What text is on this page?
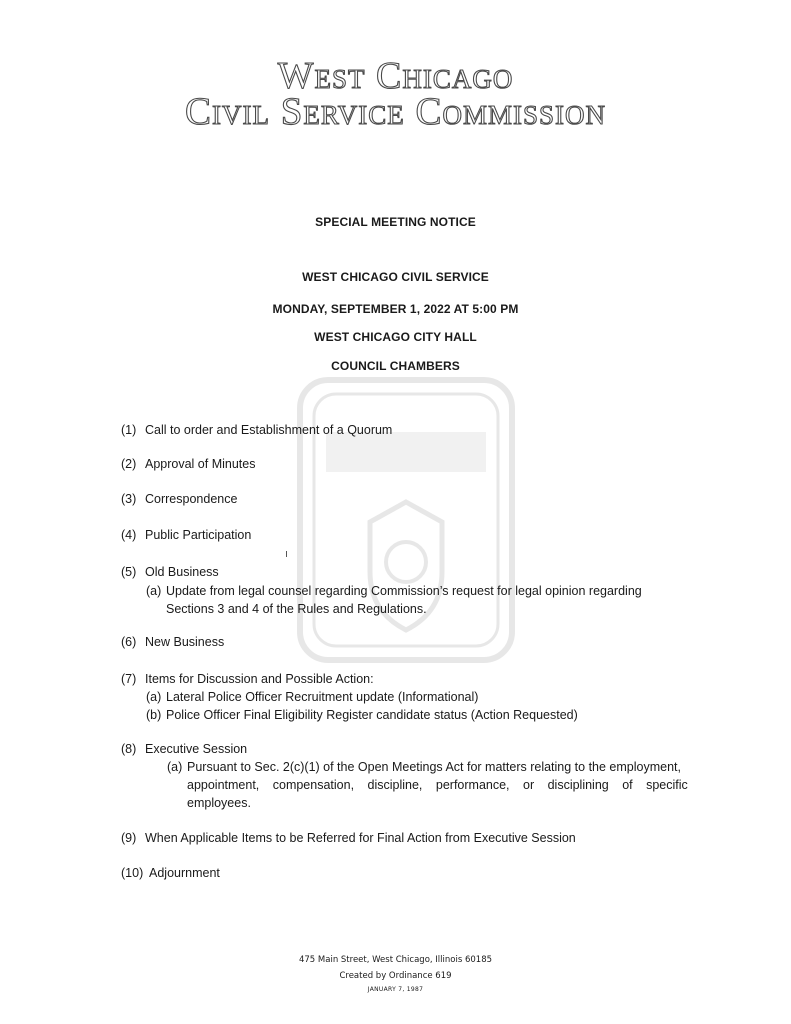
West Chicago
Civil Service Commission
SPECIAL MEETING NOTICE
WEST CHICAGO CIVIL SERVICE
MONDAY, SEPTEMBER 1, 2022 AT 5:00 PM
WEST CHICAGO CITY HALL
COUNCIL CHAMBERS
(1) Call to order and Establishment of a Quorum
(2) Approval of Minutes
(3) Correspondence
(4) Public Participation
(5) Old Business
(a) Update from legal counsel regarding Commission’s request for legal opinion regarding
Sections 3 and 4 of the Rules and Regulations.
(6) New Business
(7) Items for Discussion and Possible Action:
(a) Lateral Police Officer Recruitment update (Informational)
(b) Police Officer Final Eligibility Register candidate status (Action Requested)
(8) Executive Session
(a) Pursuant to Sec. 2(c)(1) of the Open Meetings Act for matters relating to the employment,
appointment, compensation, discipline, performance, or disciplining of specific
employees.
(9) When Applicable Items to be Referred for Final Action from Executive Session
(10) Adjournment
475 Main Street, West Chicago, Illinois 60185
Created by Ordinance 619
JANUARY 7, 1987
